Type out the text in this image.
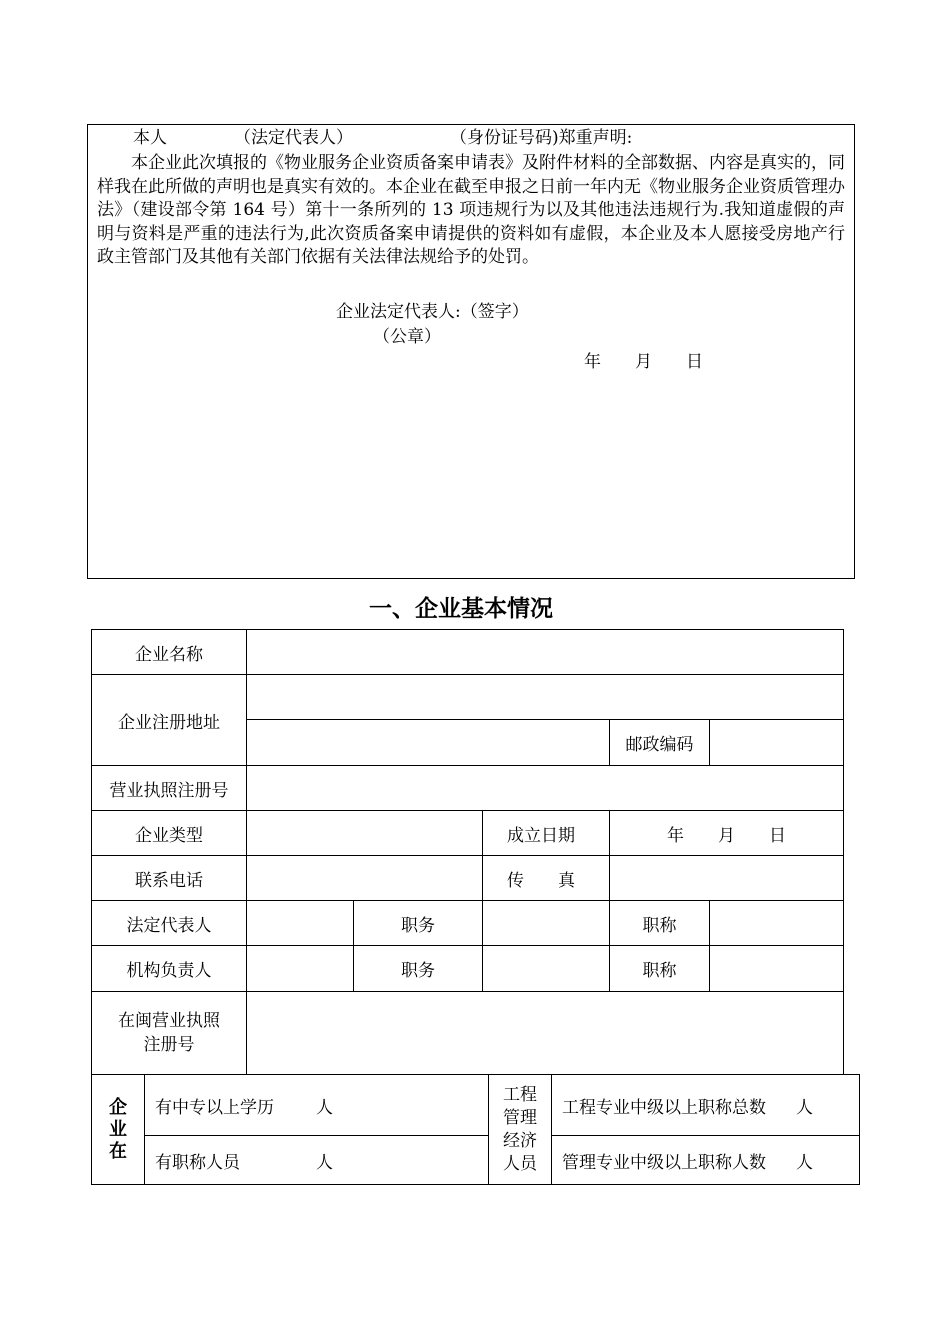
本人	（法定代表人）	（身份证号码)郑重声明:
本企业此次填报的《物业服务企业资质备案申请表》及附件材料的全部数据、内容是真实的，同样我在此所做的声明也是真实有效的。本企业在截至申报之日前一年内无《物业服务企业资质管理办法》（建设部令第 164 号）第十一条所列的 13 项违规行为以及其他违法违规行为.我知道虚假的声明与资料是严重的违法行为,此次资质备案申请提供的资料如有虚假，本企业及本人愿接受房地产行政主管部门及其他有关部门依据有关法律法规给予的处罚。
企业法定代表人:（签字）
（公章）
年　　月　　日
一、企业基本情况
企业名称					
企业注册地址					
				邮政编码	
营业执照注册号					
企业类型			成立日期	年　　月　　日	
联系电话			传　　真		
法定代表人		职务		职称	
机构负责人		职务		职称	
在闽营业执照注册号					
企业在	有中专以上学历 人	工程管理经济人员	工程专业中级以上职称总数 人
	有职称人员 人		管理专业中级以上职称人数 人
